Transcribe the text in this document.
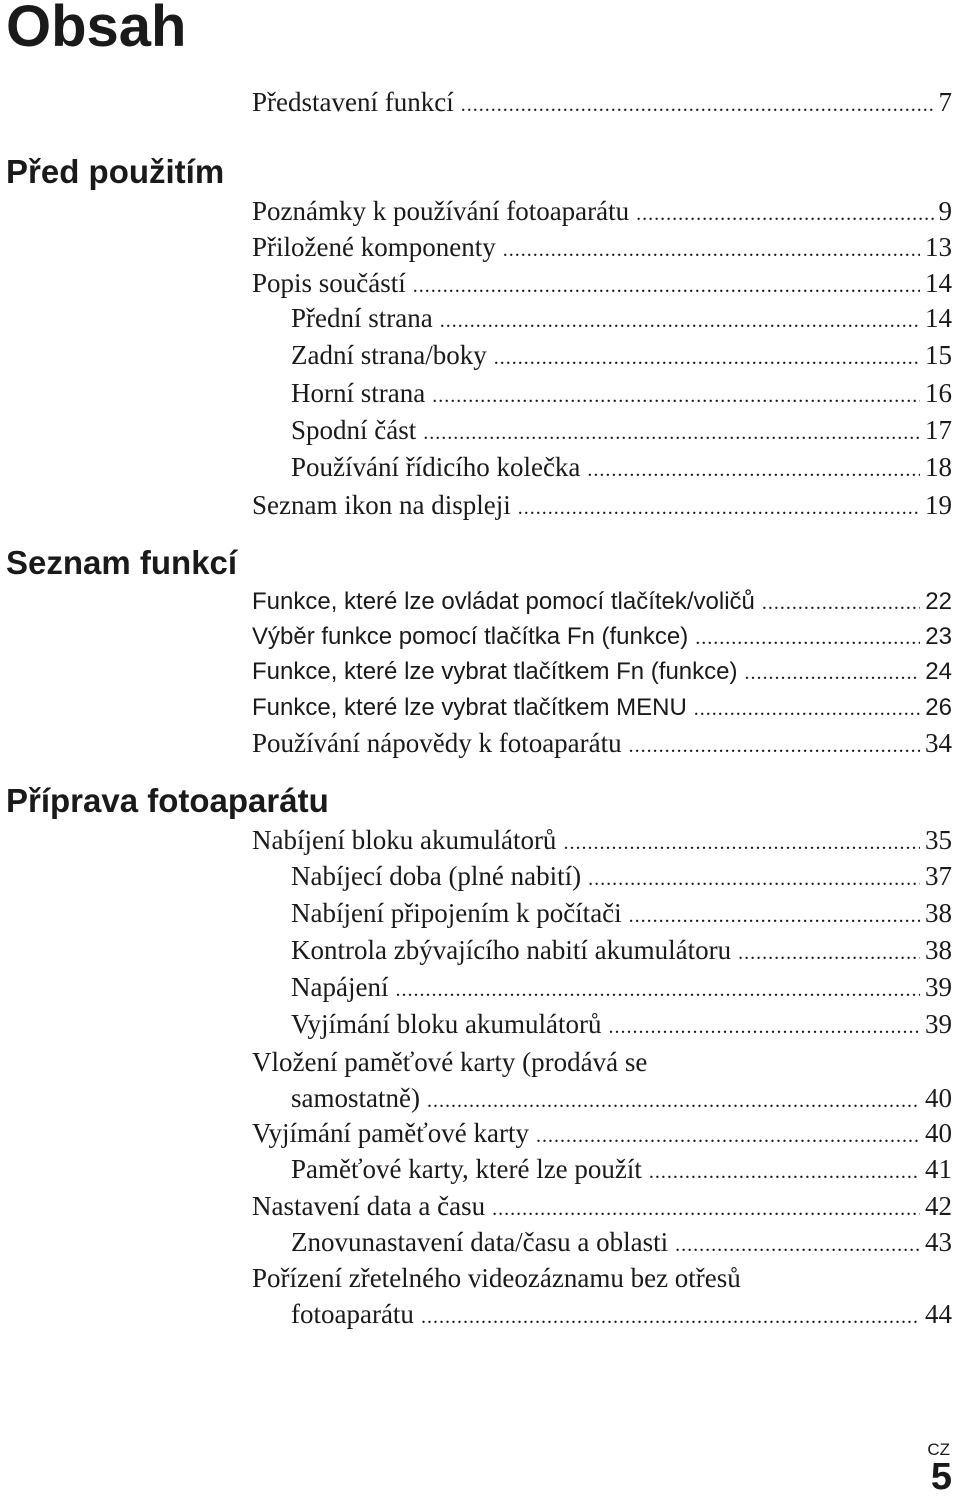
Obsah
Představení funkcí .....	7
Před použitím
Poznámky k používání fotoaparátu .....	9
Přiložené komponenty .....	13
Popis součástí .....	14
Přední strana .....	14
Zadní strana/boky .....	15
Horní strana .....	16
Spodní část .....	17
Používání řídicího kolečka .....	18
Seznam ikon na displeji .....	19
Seznam funkcí
Funkce, které lze ovládat pomocí tlačítek/voličů .....	22
Výběr funkce pomocí tlačítka Fn (funkce) .....	23
Funkce, které lze vybrat tlačítkem Fn (funkce) .....	24
Funkce, které lze vybrat tlačítkem MENU .....	26
Používání nápovědy k fotoaparátu .....	34
Příprava fotoaparátu
Nabíjení bloku akumulátorů .....	35
Nabíjecí doba (plné nabití) .....	37
Nabíjení připojením k počítači .....	38
Kontrola zbývajícího nabití akumulátoru .....	38
Napájení .....	39
Vyjímání bloku akumulátorů .....	39
Vložení paměťové karty (prodává se
samostatně) .....	40
Vyjímání paměťové karty .....	40
Paměťové karty, které lze použít .....	41
Nastavení data a času .....	42
Znovunastavení data/času a oblasti .....	43
Pořízení zřetelného videozáznamu bez otřesů
fotoaparátu .....	44

CZ

5
